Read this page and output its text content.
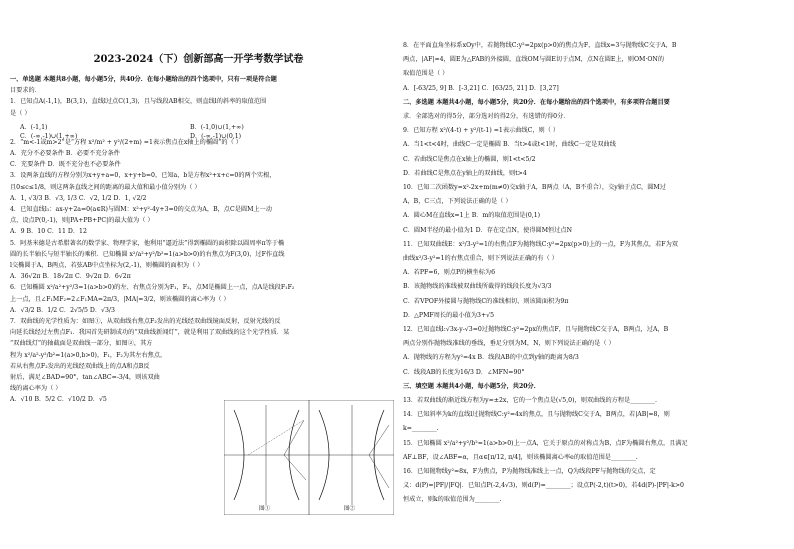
2023-2024（下）创新部高一开学考数学试卷
一、单选题 本题共8小题，每小题5分，共40分．在每小题给出的四个选项中，只有一项是符合题
目要求的．
1．已知点A(-1,1)，B(3,1)，直线l过点C(1,3)，且与线段AB相交，则直线l的斜率的取值范围
是（ ）
2．“m<-1或m>2”是“方程 x²/m² + y²/(2+m) =1表示焦点在x轴上的椭圆”的（ ）
A．充分不必要条件 B．必要不充分条件
C．充要条件 D．既不充分也不必要条件
3．设两条直线的方程分别为x+y+a=0，x+y+b=0，已知a，b是方程x²+x+c=0的两个实根，
且0≤c≤1/8，则这两条直线之间的距离的最大值和最小值分别为（ ）
A．1, √3/3 B．√3, 1/3 C．√2, 1/2 D．1, √2/2
4．已知直线l₁：ax-y+2a=0(a∈R)与圆M：x²+y²-4y+3=0的交点为A，B，点C是圆M上一动
点，设点P(0,-1)，则|PA+PB+PC|的最大值为（ ）
A．9 B．10 C．11 D．12
5．阿基米德是古希腊著名的数学家、物理学家，他利用“逼近法”得到椭圆的面积除以圆周率π等于椭
圆的长半轴长与短半轴长的乘积．已知椭圆 x²/a²+y²/b²=1(a>b>0)的右焦点为F(3,0)，过F作直线
l交椭圆于A，B两点，若弦AB中点坐标为(2,-1)，则椭圆的面积为（ ）
A．36√2π B．18√2π C．9√2π D．6√2π
6．已知椭圆 x²/a²+y²/3=1(a>b>0)的左、右焦点分别为F₁，F₂，点M是椭圆上一点，点A是线段F₁F₂
上一点，且∠F₁MF₂=2∠F₁MA=2π/3，|MA|=3/2，则该椭圆的离心率为（ ）
A．√3/2 B．1/2 C．2√5/5 D．√3/3
7．双曲线的光学性质为：如图①，从双曲线右焦点F₂发出的光线经双曲线镜面反射，反射光线的反
向延长线经过左焦点F₁．我国首先研制成功的“双曲线新闻灯”，就是利用了双曲线的这个光学性质．某
“双曲线灯”的轴截面是双曲线一部分，如图②，其方
程为 x²/a²-y²/b²=1(a>0,b>0)，F₁，F₂为其左右焦点，
若从右焦点F₂发出的光线经双曲线上的点A和点B反
射后，满足∠BAD=90°，tan∠ABC=-3/4，则该双曲
线的离心率为（ ）
A．√10 B．5/2 C．√10/2 D．√5
A．(-1,1)	B．(-1,0)∪(1,+∞)
C．(-∞,-1)∪(1,+∞)	D．(-∞,-1)∪(0,1)
图①	图②
8．在平面直角坐标系xOy中，若抛物线C:y²=2px(p>0)的焦点为F，直线x=3与抛物线C交于A，B
两点，|AF|=4，圆E为△FAB的外接圆，直线OM与圆E切于点M，点N在圆E上，则OM·ON的
取值范围是（ ）
A．[-63/25, 9] B．[-3,21] C．[63/25, 21] D．[3,27]
二、多选题 本题共4小题，每小题5分，共20分．在每小题给出的四个选项中，有多项符合题目要
求．全部选对的得5分，部分选对的得2分，有选错的得0分．
9．已知方程 x²/(4-t) + y²/(t-1) =1表示曲线C，则（ ）
A．当1<t<4时，曲线C一定是椭圆 B．当t>4或t<1时，曲线C一定是双曲线
C．若曲线C是焦点在x轴上的椭圆，则1<t<5/2
D．若曲线C是焦点在y轴上的双曲线，则t>4
10．已知二次函数y=x²-2x+m(m≠0)交x轴于A，B两点（A，B不重合），交y轴于点C，圆M过
A，B，C三点，下列说法正确的是（ ）
A．圆心M在直线x=1上 B．m的取值范围是(0,1)
C．圆M半径的最小值为1 D．存在定点N，使得圆M恒过点N
11．已知双曲线E：x²/3-y²=1的右焦点F为抛物线C:y²=2px(p>0)上的一点，F为其焦点，若F为双
曲线x²/3-y²=1的右焦点重合，则下列说法正确的有（ ）
A．若PF=6，则点P的横坐标为6
B．该抛物线的准线被双曲线所截得的线段长度为√3/3
C．若VPOF外接圆与抛物线C的准线相切，则该圆面积为9π
D．△PMF周长的最小值为3+√5
12．已知直线l:√3x-y-√3=0过抛物线C:y²=2px的焦点F，且与抛物线C交于A，B两点，过A，B
两点分别作抛物线准线的垂线，垂足分别为M，N，则下列说法正确的是（ ）
A．抛物线的方程为y²=4x B．线段AB的中点到y轴的距离为8/3
C．线段AB的长度为16/3 D．∠MFN=90°
三、填空题 本题共4小题，每小题5分，共20分．
13．若双曲线的渐近线方程为y=±2x，它的一个焦点是(√5,0)，则双曲线的方程是________.
14．已知斜率为k的直线l过抛物线C:y²=4x的焦点，且与抛物线C交于A，B两点，若|AB|=8，则
k=________.
15．已知椭圆 x²/a²+y²/b²=1(a>b>0)上一点A，它关于原点的对称点为B，点F为椭圆右焦点，且满足
AF⊥BF，设∠ABF=α，且α∈[π/12, π/4]，则该椭圆离心率e的取值范围是________.
16．已知抛物线y²=8x，F为焦点，P为抛物线准线上一点，Q为线段PF与抛物线的交点，定
义：d(P)=|PF|/|FQ|．已知点P(-2,4√3)，则d(P)=________；设点P(-2,t)(t>0)，若4d(P)-|PF|-k>0
恒成立，则k的取值范围为________.
